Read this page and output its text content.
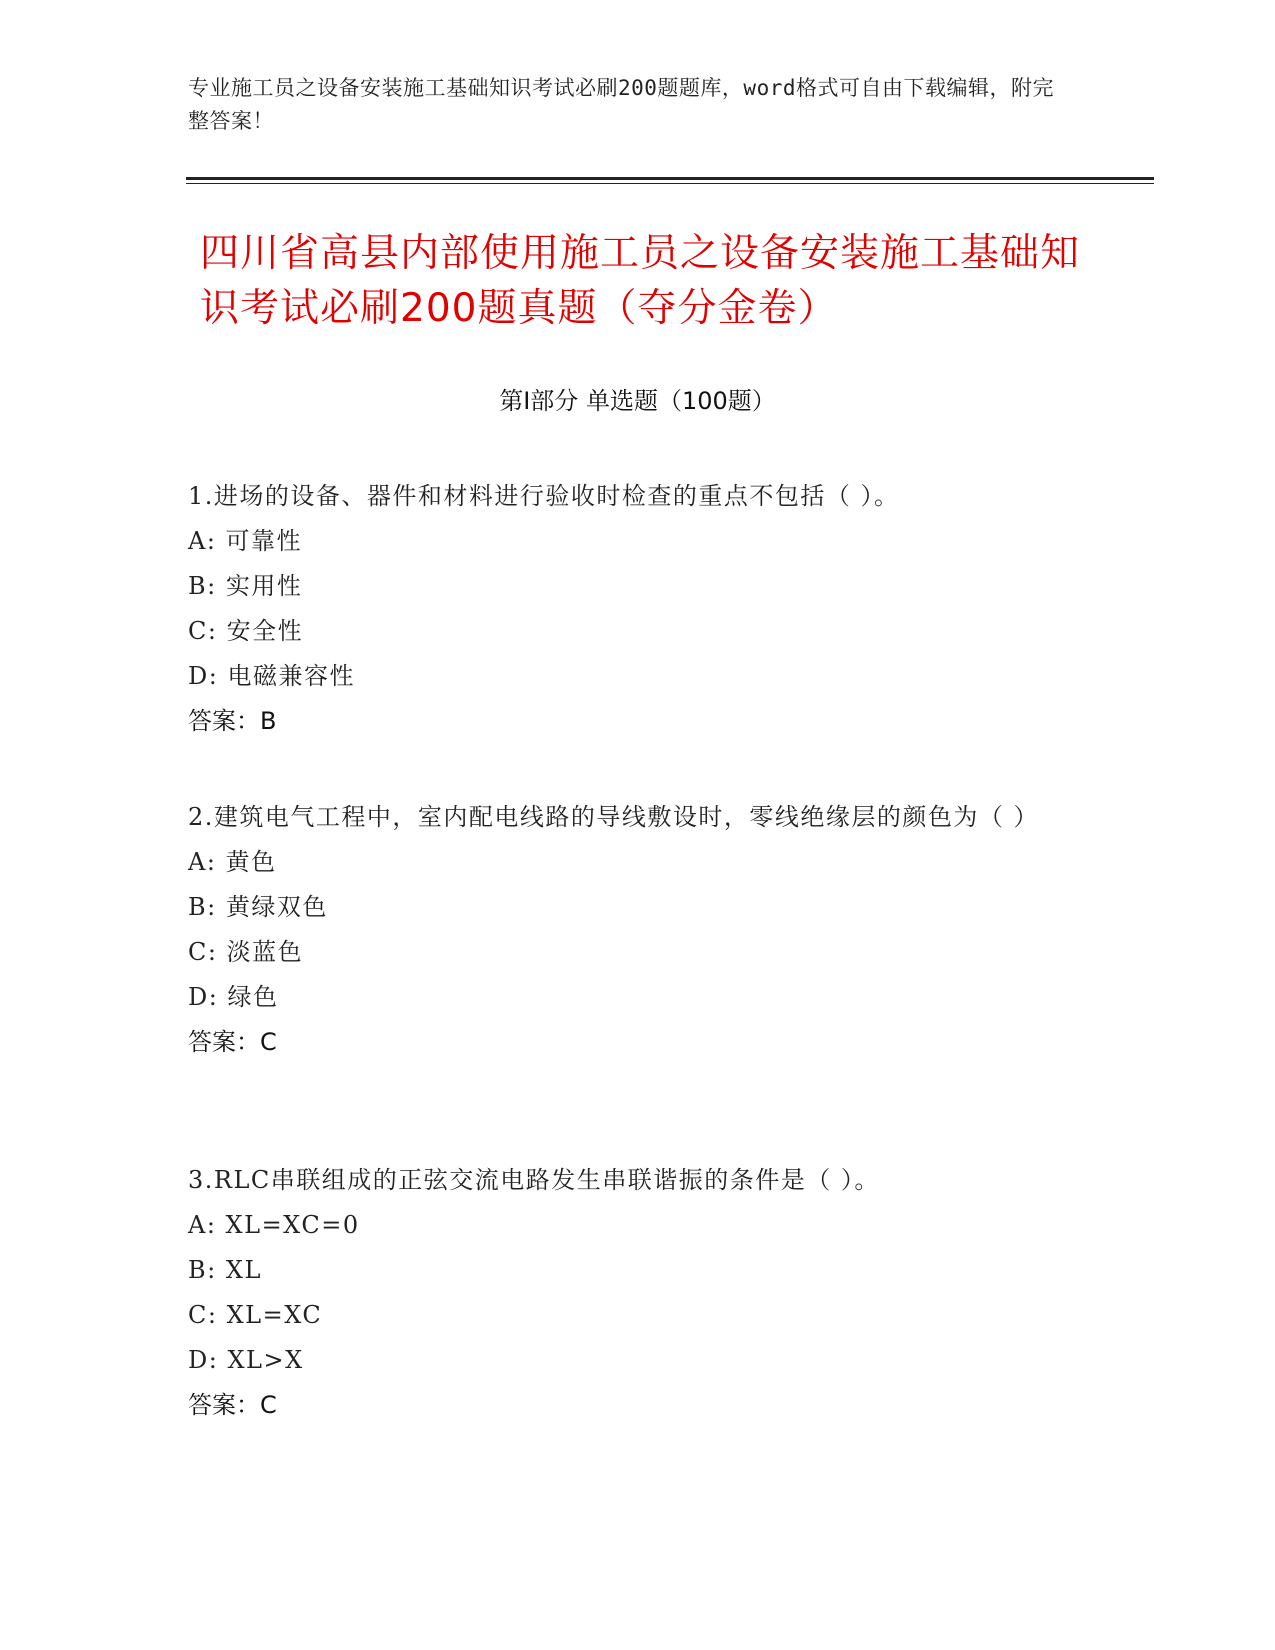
专业施工员之设备安装施工基础知识考试必刷200题题库，word格式可自由下载编辑，附完整答案！
四川省高县内部使用施工员之设备安装施工基础知识考试必刷200题真题（夺分金卷）
第Ⅰ部分 单选题（100题）
1.进场的设备、器件和材料进行验收时检查的重点不包括（ ）。
A: 可靠性
B: 实用性
C: 安全性
D: 电磁兼容性
答案：B
2.建筑电气工程中，室内配电线路的导线敷设时，零线绝缘层的颜色为（ ）
A: 黄色
B: 黄绿双色
C: 淡蓝色
D: 绿色
答案：C
3.RLC串联组成的正弦交流电路发生串联谐振的条件是（ ）。
A: XL=XC=0
B: XL
C: XL=XC
D: XL>X
答案：C
